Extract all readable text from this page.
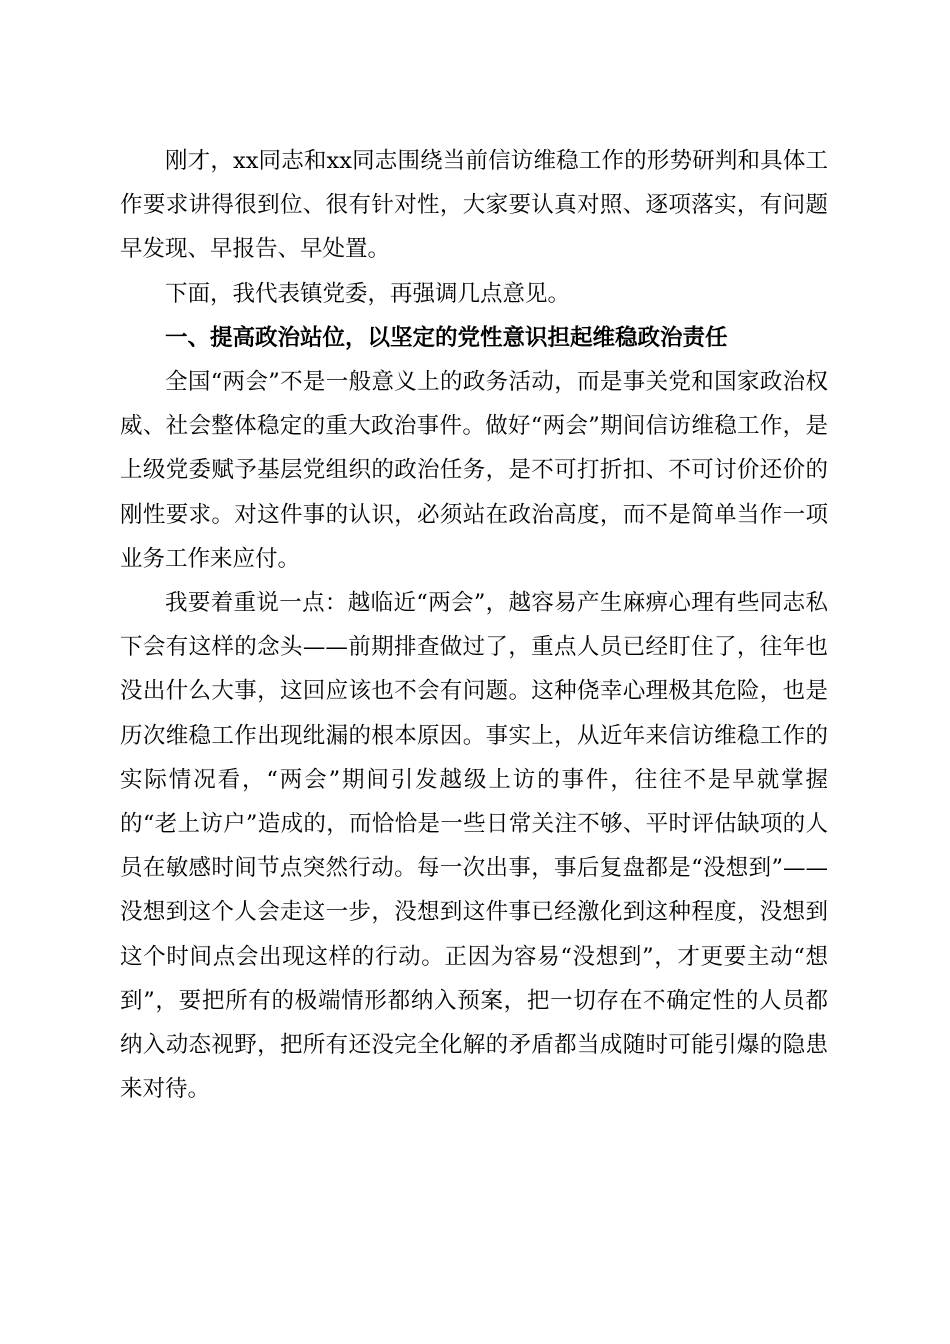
刚才，xx同志和xx同志围绕当前信访维稳工作的形势研判和具体工作要求讲得很到位、很有针对性，大家要认真对照、逐项落实，有问题早发现、早报告、早处置。

下面，我代表镇党委，再强调几点意见。

一、提高政治站位，以坚定的党性意识担起维稳政治责任

全国“两会”不是一般意义上的政务活动，而是事关党和国家政治权威、社会整体稳定的重大政治事件。做好“两会”期间信访维稳工作，是上级党委赋予基层党组织的政治任务，是不可打折扣、不可讨价还价的刚性要求。对这件事的认识，必须站在政治高度，而不是简单当作一项业务工作来应付。

我要着重说一点：越临近“两会”，越容易产生麻痹心理有些同志私下会有这样的念头——前期排查做过了，重点人员已经盯住了，往年也没出什么大事，这回应该也不会有问题。这种侥幸心理极其危险，也是历次维稳工作出现纰漏的根本原因。事实上，从近年来信访维稳工作的实际情况看，“两会”期间引发越级上访的事件，往往不是早就掌握的“老上访户”造成的，而恰恰是一些日常关注不够、平时评估缺项的人员在敏感时间节点突然行动。每一次出事，事后复盘都是“没想到”——没想到这个人会走这一步，没想到这件事已经激化到这种程度，没想到这个时间点会出现这样的行动。正因为容易“没想到”，才更要主动“想到”，要把所有的极端情形都纳入预案，把一切存在不确定性的人员都纳入动态视野，把所有还没完全化解的矛盾都当成随时可能引爆的隐患来对待。
